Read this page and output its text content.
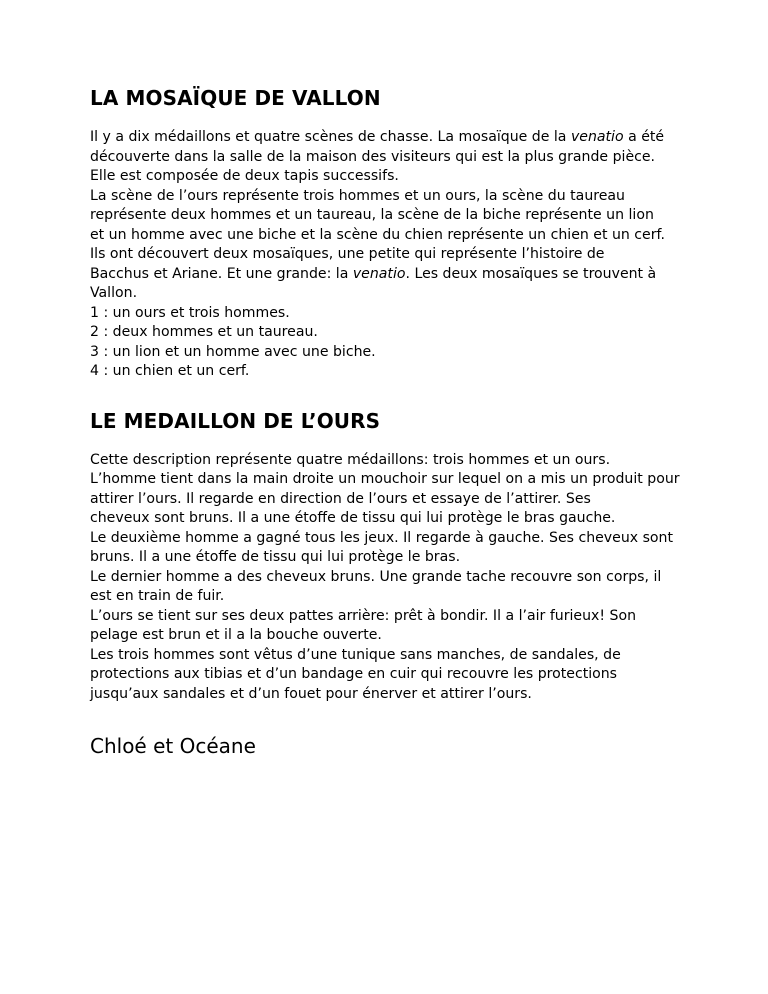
LA MOSAÏQUE DE VALLON

Il y a dix médaillons et quatre scènes de chasse. La mosaïque de la venatio a été

découverte dans la salle de la maison des visiteurs qui est la plus grande pièce.

Elle est composée de deux tapis successifs.

La scène de l’ours représente trois hommes et un ours, la scène du taureau

représente deux hommes et un taureau, la scène de la biche représente un lion

et un homme avec une biche et la scène du chien représente un chien et un cerf.

Ils ont découvert deux mosaïques, une petite qui représente l’histoire de

Bacchus et Ariane. Et une grande: la venatio. Les deux mosaïques se trouvent à

Vallon.

1 : un ours et trois hommes.

2 : deux hommes et un taureau.

3 : un lion et un homme avec une biche.

4 : un chien et un cerf.

LE MEDAILLON DE L’OURS

Cette description représente quatre médaillons: trois hommes et un ours.

L’homme tient dans la main droite un mouchoir sur lequel on a mis un produit pour

attirer l’ours. Il regarde en direction de l’ours et essaye de l’attirer. Ses

cheveux sont bruns. Il a une étoffe de tissu qui lui protège le bras gauche.

Le deuxième homme a gagné tous les jeux. Il regarde à gauche. Ses cheveux sont

bruns. Il a une étoffe de tissu qui lui protège le bras.

Le dernier homme a des cheveux bruns. Une grande tache recouvre son corps, il

est en train de fuir.

L’ours se tient sur ses deux pattes arrière: prêt à bondir. Il a l’air furieux! Son

pelage est brun et il a la bouche ouverte.

Les trois hommes sont vêtus d’une tunique sans manches, de sandales, de

protections aux tibias et d’un bandage en cuir qui recouvre les protections

jusqu’aux sandales et d’un fouet pour énerver et attirer l’ours.

Chloé et Océane
